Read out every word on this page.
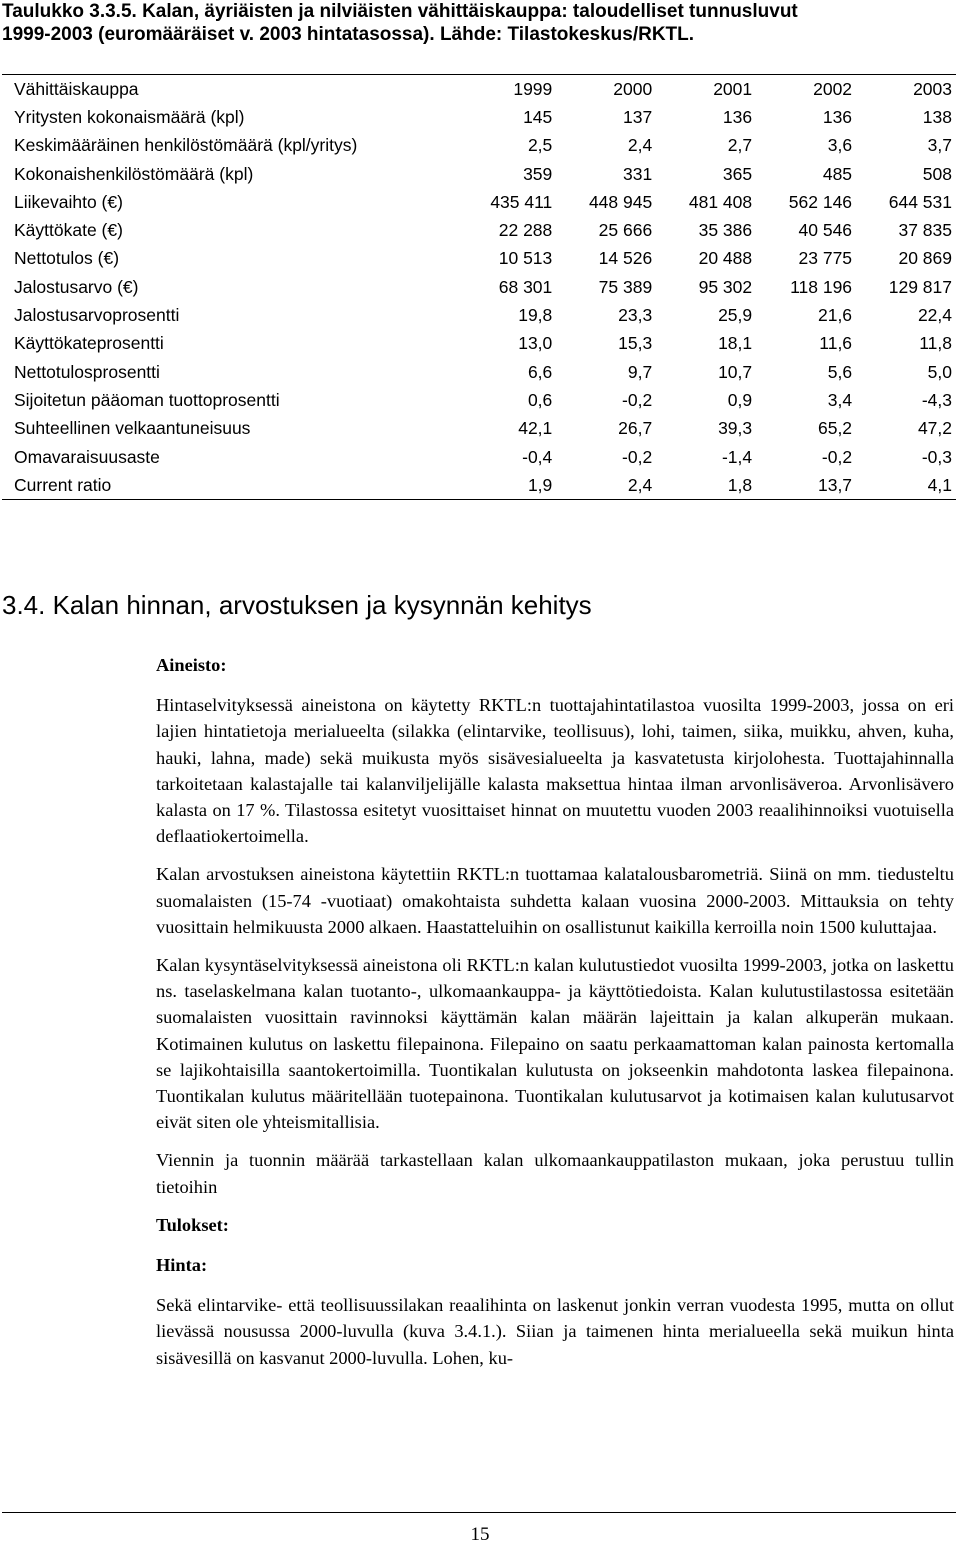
Taulukko 3.3.5. Kalan, äyriäisten ja nilviäisten vähittäiskauppa: taloudelliset tunnusluvut
1999-2003 (euromääräiset v. 2003 hintatasossa). Lähde: Tilastokeskus/RKTL.
Vähittäiskauppa	1999	2000	2001	2002	2003
Yritysten kokonaismäärä (kpl)	145	137	136	136	138
Keskimääräinen henkilöstömäärä (kpl/yritys)	2,5	2,4	2,7	3,6	3,7
Kokonaishenkilöstömäärä (kpl)	359	331	365	485	508
Liikevaihto (€)	435 411	448 945	481 408	562 146	644 531
Käyttökate (€)	22 288	25 666	35 386	40 546	37 835
Nettotulos (€)	10 513	14 526	20 488	23 775	20 869
Jalostusarvo (€)	68 301	75 389	95 302	118 196	129 817
Jalostusarvoprosentti	19,8	23,3	25,9	21,6	22,4
Käyttökateprosentti	13,0	15,3	18,1	11,6	11,8
Nettotulosprosentti	6,6	9,7	10,7	5,6	5,0
Sijoitetun pääoman tuottoprosentti	0,6	-0,2	0,9	3,4	-4,3
Suhteellinen velkaantuneisuus	42,1	26,7	39,3	65,2	47,2
Omavaraisuusaste	-0,4	-0,2	-1,4	-0,2	-0,3
Current ratio	1,9	2,4	1,8	13,7	4,1
3.4. Kalan hinnan, arvostuksen ja kysynnän kehitys

Aineisto:

Hintaselvityksessä aineistona on käytetty RKTL:n tuottajahintatilastoa vuosilta 1999-2003, jossa on eri lajien hintatietoja merialueelta (silakka (elintarvike, teollisuus), lohi, taimen, siika, muikku, ahven, kuha, hauki, lahna, made) sekä muikusta myös sisävesialueelta ja kasvatetusta kirjolohesta. Tuottajahinnalla tarkoitetaan kalastajalle tai kalanviljelijälle kalasta maksettua hintaa ilman arvonlisäveroa. Arvonlisävero kalasta on 17 %. Tilastossa esitetyt vuosittaiset hinnat on muutettu vuoden 2003 reaalihinnoiksi vuotuisella deflaatiokertoimella.

Kalan arvostuksen aineistona käytettiin RKTL:n tuottamaa kalatalousbarometriä. Siinä on mm. tiedusteltu suomalaisten (15-74 -vuotiaat) omakohtaista suhdetta kalaan vuosina 2000-2003. Mittauksia on tehty vuosittain helmikuusta 2000 alkaen. Haastatteluihin on osallistunut kaikilla kerroilla noin 1500 kuluttajaa.

Kalan kysyntäselvityksessä aineistona oli RKTL:n kalan kulutustiedot vuosilta 1999-2003, jotka on laskettu ns. taselaskelmana kalan tuotanto-, ulkomaankauppa- ja käyttötiedoista. Kalan kulutustilastossa esitetään suomalaisten vuosittain ravinnoksi käyttämän kalan määrän lajeittain ja kalan alkuperän mukaan. Kotimainen kulutus on laskettu filepainona. Filepaino on saatu perkaamattoman kalan painosta kertomalla se lajikohtaisilla saantokertoimilla. Tuontikalan kulutusta on jokseenkin mahdotonta laskea filepainona. Tuontikalan kulutus määritellään tuotepainona. Tuontikalan kulutusarvot ja kotimaisen kalan kulutusarvot eivät siten ole yhteismitallisia.

Viennin ja tuonnin määrää tarkastellaan kalan ulkomaankauppatilaston mukaan, joka perustuu tullin tietoihin

Tulokset:

Hinta:

Sekä elintarvike- että teollisuussilakan reaalihinta on laskenut jonkin verran vuodesta 1995, mutta on ollut lievässä nousussa 2000-luvulla (kuva 3.4.1.). Siian ja taimenen hinta merialueella sekä muikun hinta sisävesillä on kasvanut 2000-luvulla. Lohen, ku-

15
